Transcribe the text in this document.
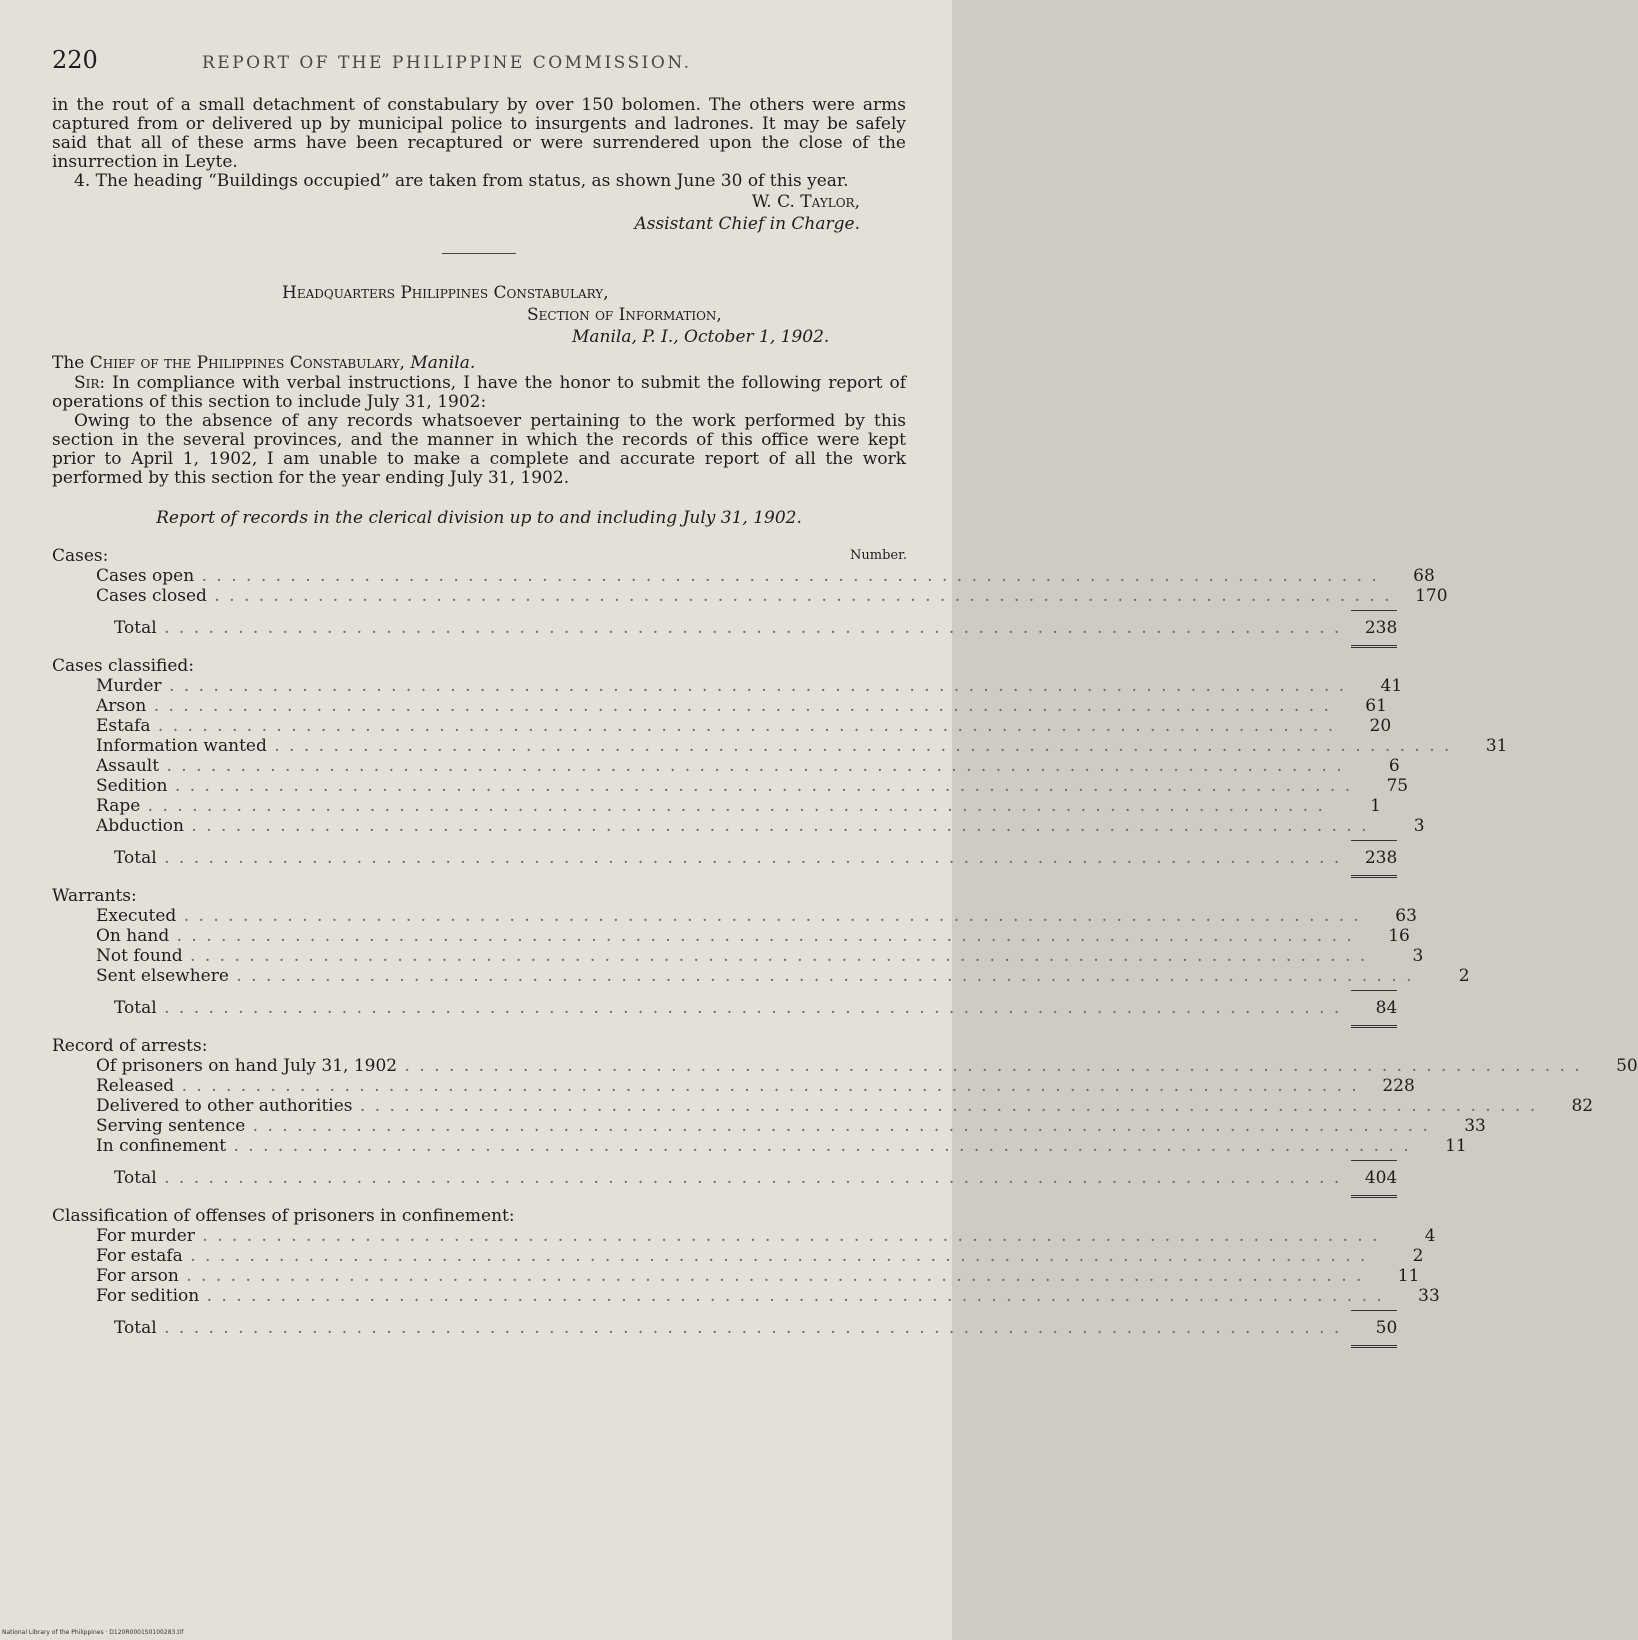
220	REPORT OF THE PHILIPPINE COMMISSION.

in the rout of a small detachment of constabulary by over 150 bolomen. The others were arms captured from or delivered up by municipal police to insurgents and ladrones. It may be safely said that all of these arms have been recaptured or were surrendered upon the close of the insurrection in Leyte.

4. The heading “Buildings occupied” are taken from status, as shown June 30 of this year.

W. C. Taylor,
Assistant Chief in Charge.
Headquarters Philippines Constabulary,
Section of Information,
Manila, P. I., October 1, 1902.
The Chief of the Philippines Constabulary, Manila.

Sir: In compliance with verbal instructions, I have the honor to submit the following report of operations of this section to include July 31, 1902:

Owing to the absence of any records whatsoever pertaining to the work performed by this section in the several provinces, and the manner in which the records of this office were kept prior to April 1, 1902, I am unable to make a complete and accurate report of all the work performed by this section for the year ending July 31, 1902.

Report of records in the clerical division up to and including July 31, 1902.
Cases:	Number.
Cases open . . . . . . . . . . . . . . . . . . . . . . . . . . . . . . . . . . . . . . . . . . . . . . . . . . . . . . . . . . . . . . . . . . . . . . . . . . . . . . . .	68
Cases closed . . . . . . . . . . . . . . . . . . . . . . . . . . . . . . . . . . . . . . . . . . . . . . . . . . . . . . . . . . . . . . . . . . . . . . . . . . . . . . . .	170
Total . . . . . . . . . . . . . . . . . . . . . . . . . . . . . . . . . . . . . . . . . . . . . . . . . . . . . . . . . . . . . . . . . . . . . . . . . . . . . . . .	238
Cases classified:
Murder . . . . . . . . . . . . . . . . . . . . . . . . . . . . . . . . . . . . . . . . . . . . . . . . . . . . . . . . . . . . . . . . . . . . . . . . . . . . . . . .	41
Arson . . . . . . . . . . . . . . . . . . . . . . . . . . . . . . . . . . . . . . . . . . . . . . . . . . . . . . . . . . . . . . . . . . . . . . . . . . . . . . . .	61
Estafa . . . . . . . . . . . . . . . . . . . . . . . . . . . . . . . . . . . . . . . . . . . . . . . . . . . . . . . . . . . . . . . . . . . . . . . . . . . . . . . .	20
Information wanted . . . . . . . . . . . . . . . . . . . . . . . . . . . . . . . . . . . . . . . . . . . . . . . . . . . . . . . . . . . . . . . . . . . . . . . . . . . . . . . .	31
Assault . . . . . . . . . . . . . . . . . . . . . . . . . . . . . . . . . . . . . . . . . . . . . . . . . . . . . . . . . . . . . . . . . . . . . . . . . . . . . . . .	6
Sedition . . . . . . . . . . . . . . . . . . . . . . . . . . . . . . . . . . . . . . . . . . . . . . . . . . . . . . . . . . . . . . . . . . . . . . . . . . . . . . . .	75
Rape . . . . . . . . . . . . . . . . . . . . . . . . . . . . . . . . . . . . . . . . . . . . . . . . . . . . . . . . . . . . . . . . . . . . . . . . . . . . . . . .	1
Abduction . . . . . . . . . . . . . . . . . . . . . . . . . . . . . . . . . . . . . . . . . . . . . . . . . . . . . . . . . . . . . . . . . . . . . . . . . . . . . . . .	3
Total . . . . . . . . . . . . . . . . . . . . . . . . . . . . . . . . . . . . . . . . . . . . . . . . . . . . . . . . . . . . . . . . . . . . . . . . . . . . . . . .	238
Warrants:
Executed . . . . . . . . . . . . . . . . . . . . . . . . . . . . . . . . . . . . . . . . . . . . . . . . . . . . . . . . . . . . . . . . . . . . . . . . . . . . . . . .	63
On hand . . . . . . . . . . . . . . . . . . . . . . . . . . . . . . . . . . . . . . . . . . . . . . . . . . . . . . . . . . . . . . . . . . . . . . . . . . . . . . . .	16
Not found . . . . . . . . . . . . . . . . . . . . . . . . . . . . . . . . . . . . . . . . . . . . . . . . . . . . . . . . . . . . . . . . . . . . . . . . . . . . . . . .	3
Sent elsewhere . . . . . . . . . . . . . . . . . . . . . . . . . . . . . . . . . . . . . . . . . . . . . . . . . . . . . . . . . . . . . . . . . . . . . . . . . . . . . . . .	2
Total . . . . . . . . . . . . . . . . . . . . . . . . . . . . . . . . . . . . . . . . . . . . . . . . . . . . . . . . . . . . . . . . . . . . . . . . . . . . . . . .	84
Record of arrests:
Of prisoners on hand July 31, 1902 . . . . . . . . . . . . . . . . . . . . . . . . . . . . . . . . . . . . . . . . . . . . . . . . . . . . . . . . . . . . . . . . . . . . . . . . . . . . . . . .	50
Released . . . . . . . . . . . . . . . . . . . . . . . . . . . . . . . . . . . . . . . . . . . . . . . . . . . . . . . . . . . . . . . . . . . . . . . . . . . . . . . .	228
Delivered to other authorities . . . . . . . . . . . . . . . . . . . . . . . . . . . . . . . . . . . . . . . . . . . . . . . . . . . . . . . . . . . . . . . . . . . . . . . . . . . . . . . .	82
Serving sentence . . . . . . . . . . . . . . . . . . . . . . . . . . . . . . . . . . . . . . . . . . . . . . . . . . . . . . . . . . . . . . . . . . . . . . . . . . . . . . . .	33
In confinement . . . . . . . . . . . . . . . . . . . . . . . . . . . . . . . . . . . . . . . . . . . . . . . . . . . . . . . . . . . . . . . . . . . . . . . . . . . . . . . .	11
Total . . . . . . . . . . . . . . . . . . . . . . . . . . . . . . . . . . . . . . . . . . . . . . . . . . . . . . . . . . . . . . . . . . . . . . . . . . . . . . . .	404
Classification of offenses of prisoners in confinement:
For murder . . . . . . . . . . . . . . . . . . . . . . . . . . . . . . . . . . . . . . . . . . . . . . . . . . . . . . . . . . . . . . . . . . . . . . . . . . . . . . . .	4
For estafa . . . . . . . . . . . . . . . . . . . . . . . . . . . . . . . . . . . . . . . . . . . . . . . . . . . . . . . . . . . . . . . . . . . . . . . . . . . . . . . .	2
For arson . . . . . . . . . . . . . . . . . . . . . . . . . . . . . . . . . . . . . . . . . . . . . . . . . . . . . . . . . . . . . . . . . . . . . . . . . . . . . . . .	11
For sedition . . . . . . . . . . . . . . . . . . . . . . . . . . . . . . . . . . . . . . . . . . . . . . . . . . . . . . . . . . . . . . . . . . . . . . . . . . . . . . . .	33
Total . . . . . . . . . . . . . . . . . . . . . . . . . . . . . . . . . . . . . . . . . . . . . . . . . . . . . . . . . . . . . . . . . . . . . . . . . . . . . . . .	50
National Library of the Philippines · D120R0001S0100283.tif
